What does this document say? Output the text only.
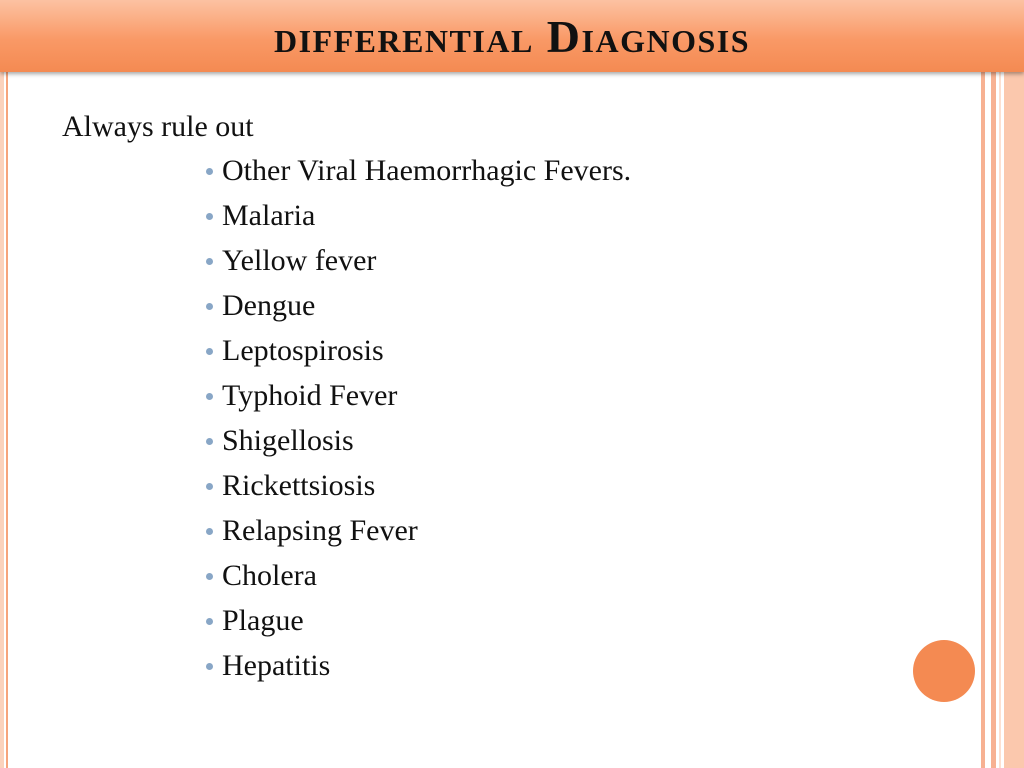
differential Diagnosis

Always rule out

Other Viral Haemorrhagic Fevers.
Malaria
Yellow fever
Dengue
Leptospirosis
Typhoid Fever
Shigellosis
Rickettsiosis
Relapsing Fever
Cholera
Plague
Hepatitis
